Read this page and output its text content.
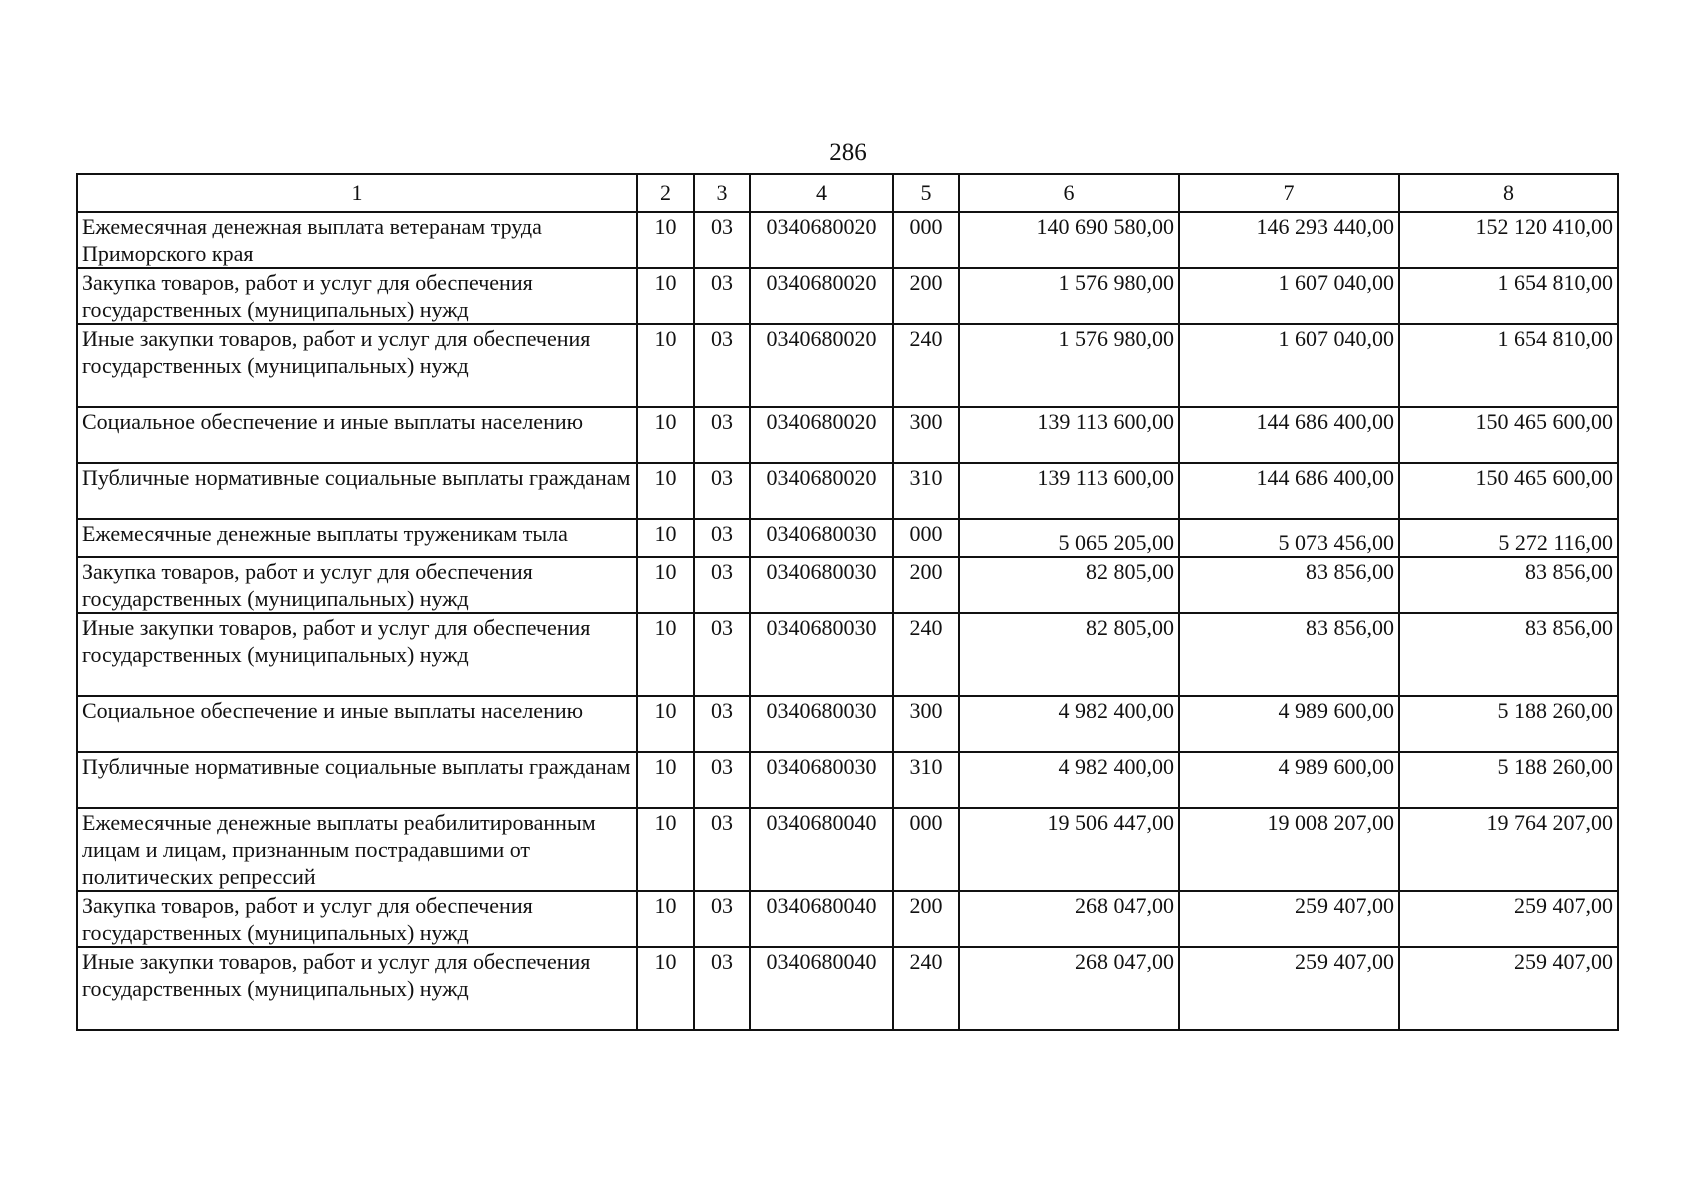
286
1	2	3	4	5	6	7	8
Ежемесячная денежная выплата ветеранам труда Приморского края	10	03	0340680020	000	140 690 580,00	146 293 440,00	152 120 410,00
Закупка товаров, работ и услуг для обеспечения государственных (муниципальных) нужд	10	03	0340680020	200	1 576 980,00	1 607 040,00	1 654 810,00
Иные закупки товаров, работ и услуг для обеспечения государственных (муниципальных) нужд	10	03	0340680020	240	1 576 980,00	1 607 040,00	1 654 810,00
Социальное обеспечение и иные выплаты населению	10	03	0340680020	300	139 113 600,00	144 686 400,00	150 465 600,00
Публичные нормативные социальные выплаты гражданам	10	03	0340680020	310	139 113 600,00	144 686 400,00	150 465 600,00
Ежемесячные денежные выплаты труженикам тыла	10	03	0340680030	000	5 065 205,00	5 073 456,00	5 272 116,00
Закупка товаров, работ и услуг для обеспечения государственных (муниципальных) нужд	10	03	0340680030	200	82 805,00	83 856,00	83 856,00
Иные закупки товаров, работ и услуг для обеспечения государственных (муниципальных) нужд	10	03	0340680030	240	82 805,00	83 856,00	83 856,00
Социальное обеспечение и иные выплаты населению	10	03	0340680030	300	4 982 400,00	4 989 600,00	5 188 260,00
Публичные нормативные социальные выплаты гражданам	10	03	0340680030	310	4 982 400,00	4 989 600,00	5 188 260,00
Ежемесячные денежные выплаты реабилитированным лицам и лицам, признанным пострадавшими от политических репрессий	10	03	0340680040	000	19 506 447,00	19 008 207,00	19 764 207,00
Закупка товаров, работ и услуг для обеспечения государственных (муниципальных) нужд	10	03	0340680040	200	268 047,00	259 407,00	259 407,00
Иные закупки товаров, работ и услуг для обеспечения государственных (муниципальных) нужд	10	03	0340680040	240	268 047,00	259 407,00	259 407,00
